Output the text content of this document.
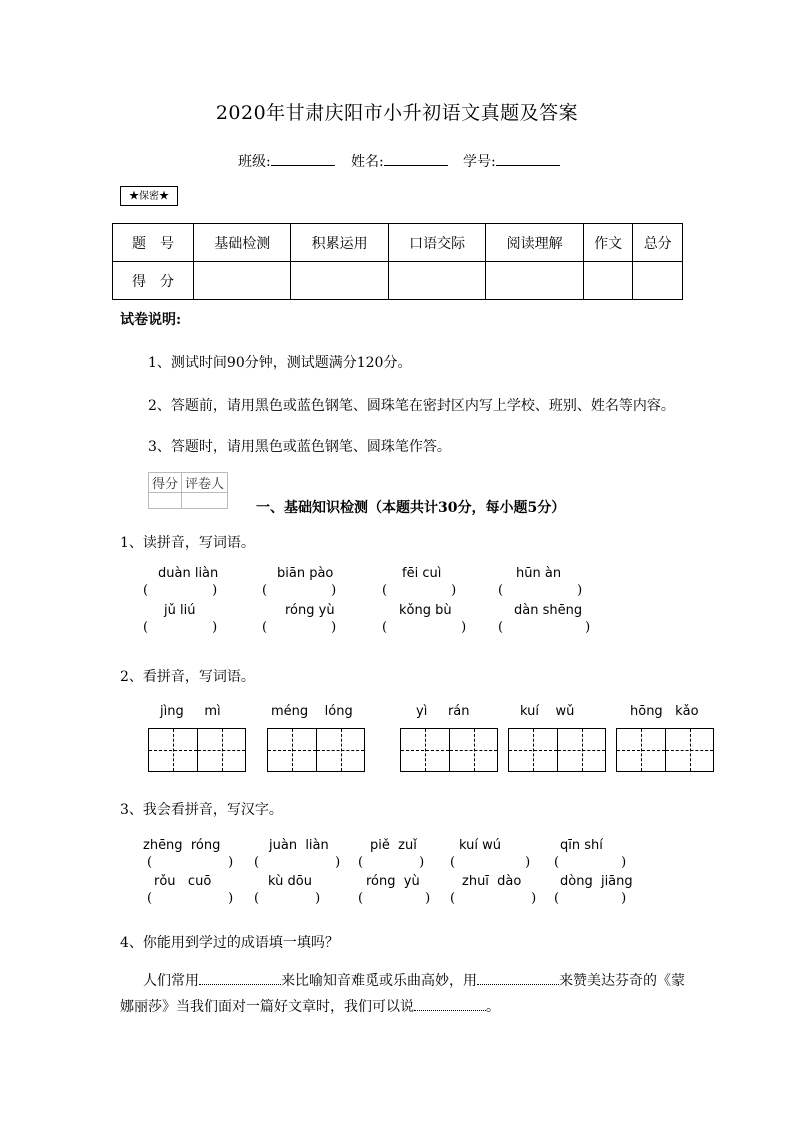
2020年甘肃庆阳市小升初语文真题及答案
班级:	姓名:	学号:
★保密★
题　号	基础检测	积累运用	口语交际	阅读理解	作文	总分
得　分						
试卷说明:
1、测试时间90分钟，测试题满分120分。
2、答题前，请用黑色或蓝色钢笔、圆珠笔在密封区内写上学校、班别、姓名等内容。
3、答题时，请用黑色或蓝色钢笔、圆珠笔作答。
得分	评卷人

一、基础知识检测（本题共计30分，每小题5分）
1、读拼音，写词语。
duàn liàn	biān pào	fēi cuì	hūn àn
(	)	(	)	(	)	(	)
jǔ liú	róng yù	kǒng bù	dàn shēng
(	)	(	)	(	) (	)
2、看拼音，写词语。
jìng     mì	méng    lóng	yì     rán	kuí    wǔ	hōng   kǎo
3、我会看拼音，写汉字。
zhēng  róng	juàn  liàn	piě  zuǐ	kuí wú	qīn shí
(	) (	) (	) (	) (	)
rǒu   cuō	kù dōu	róng  yù	zhuī  dào	dòng  jiāng
(	) (	)	(	) (	) (	)
4、你能用到学过的成语填一填吗？
人们常用	来比喻知音难觅或乐曲高妙，用	来赞美达芬奇的《蒙
娜丽莎》当我们面对一篇好文章时，我们可以说	。
